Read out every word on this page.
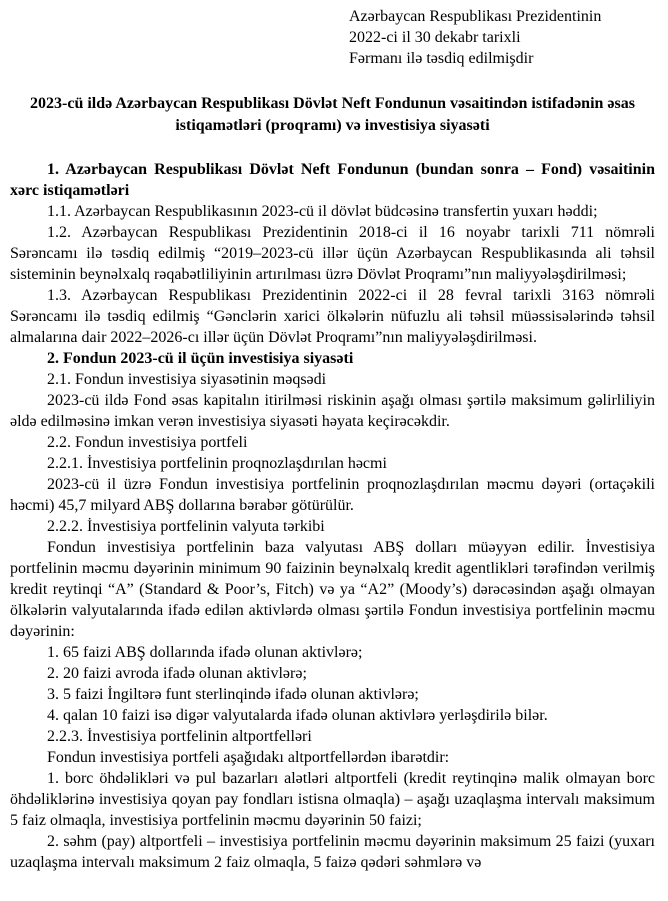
Azərbaycan Respublikası Prezidentinin
2022-ci il 30 dekabr tarixli
Fərmanı ilə təsdiq edilmişdir
2023-cü ildə Azərbaycan Respublikası Dövlət Neft Fondunun vəsaitindən istifadənin əsas istiqamətləri (proqramı) və investisiya siyasəti

1. Azərbaycan Respublikası Dövlət Neft Fondunun (bundan sonra – Fond) vəsaitinin xərc istiqamətləri

1.1. Azərbaycan Respublikasının 2023-cü il dövlət büdcəsinə transfertin yuxarı həddi;

1.2. Azərbaycan Respublikası Prezidentinin 2018-ci il 16 noyabr tarixli 711 nömrəli Sərəncamı ilə təsdiq edilmiş “2019–2023-cü illər üçün Azərbaycan Respublikasında ali təhsil sisteminin beynəlxalq rəqabətliliyinin artırılması üzrə Dövlət Proqramı”nın maliyyələşdirilməsi;

1.3. Azərbaycan Respublikası Prezidentinin 2022-ci il 28 fevral tarixli 3163 nömrəli Sərəncamı ilə təsdiq edilmiş “Gənclərin xarici ölkələrin nüfuzlu ali təhsil müəssisələrində təhsil almalarına dair 2022–2026-cı illər üçün Dövlət Proqramı”nın maliyyələşdirilməsi.

2. Fondun 2023-cü il üçün investisiya siyasəti

2.1. Fondun investisiya siyasətinin məqsədi

2023-cü ildə Fond əsas kapitalın itirilməsi riskinin aşağı olması şərtilə maksimum gəlirliliyin əldə edilməsinə imkan verən investisiya siyasəti həyata keçirəcəkdir.

2.2. Fondun investisiya portfeli

2.2.1. İnvestisiya portfelinin proqnozlaşdırılan həcmi

2023-cü il üzrə Fondun investisiya portfelinin proqnozlaşdırılan məcmu dəyəri (ortaçəkili həcmi) 45,7 milyard ABŞ dollarına bərabər götürülür.

2.2.2. İnvestisiya portfelinin valyuta tərkibi

Fondun investisiya portfelinin baza valyutası ABŞ dolları müəyyən edilir. İnvestisiya portfelinin məcmu dəyərinin minimum 90 faizinin beynəlxalq kredit agentlikləri tərəfindən verilmiş kredit reytinqi “A” (Standard & Poor’s, Fitch) və ya “A2” (Moody’s) dərəcəsindən aşağı olmayan ölkələrin valyutalarında ifadə edilən aktivlərdə olması şərtilə Fondun investisiya portfelinin məcmu dəyərinin:

1. 65 faizi ABŞ dollarında ifadə olunan aktivlərə;

2. 20 faizi avroda ifadə olunan aktivlərə;

3. 5 faizi İngiltərə funt sterlinqində ifadə olunan aktivlərə;

4. qalan 10 faizi isə digər valyutalarda ifadə olunan aktivlərə yerləşdirilə bilər.

2.2.3. İnvestisiya portfelinin altportfelləri

Fondun investisiya portfeli aşağıdakı altportfellərdən ibarətdir:

1. borc öhdəlikləri və pul bazarları alətləri altportfeli (kredit reytinqinə malik olmayan borc öhdəliklərinə investisiya qoyan pay fondları istisna olmaqla) – aşağı uzaqlaşma intervalı maksimum 5 faiz olmaqla, investisiya portfelinin məcmu dəyərinin 50 faizi;

2. səhm (pay) altportfeli – investisiya portfelinin məcmu dəyərinin maksimum 25 faizi (yuxarı uzaqlaşma intervalı maksimum 2 faiz olmaqla, 5 faizə qədəri səhmlərə və
